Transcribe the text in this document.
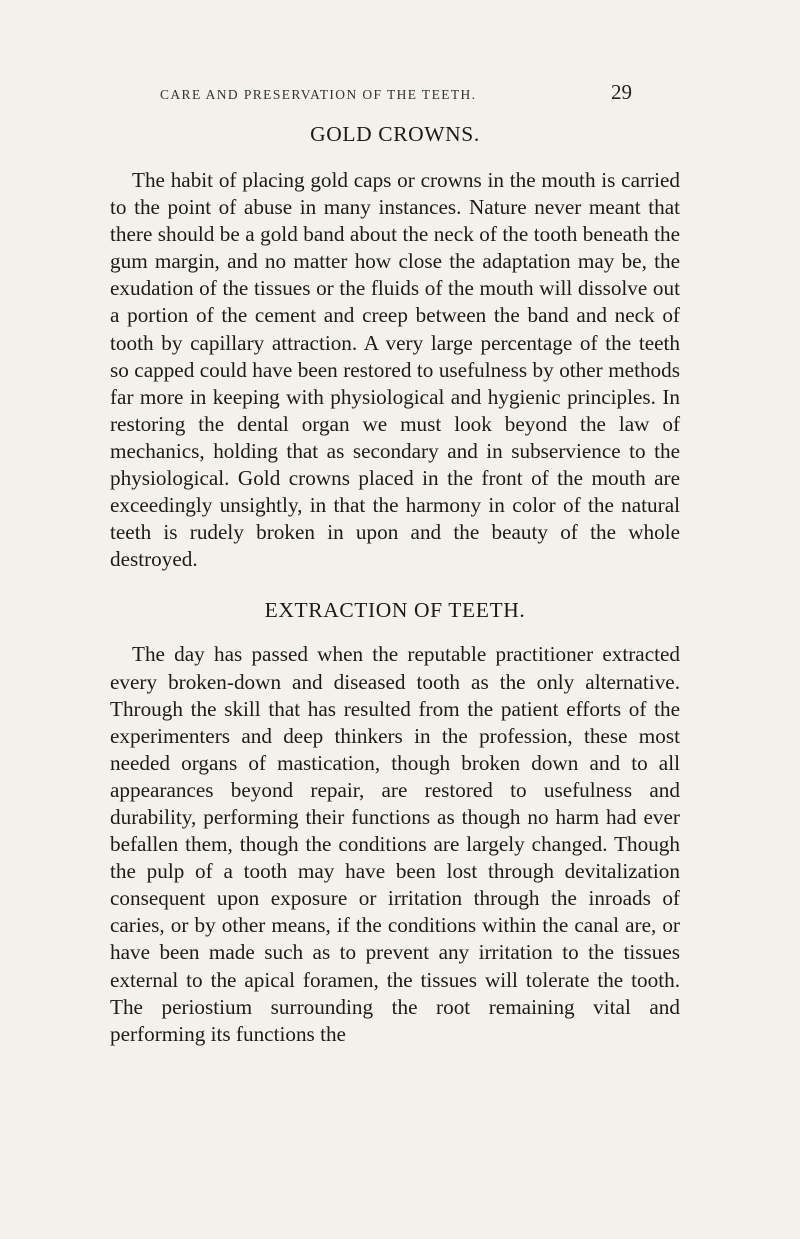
CARE AND PRESERVATION OF THE TEETH.	29
GOLD CROWNS.

The habit of placing gold caps or crowns in the mouth is carried to the point of abuse in many instances. Nature never meant that there should be a gold band about the neck of the tooth beneath the gum margin, and no matter how close the adaptation may be, the exudation of the tissues or the fluids of the mouth will dissolve out a portion of the cement and creep between the band and neck of tooth by capillary attraction. A very large percentage of the teeth so capped could have been restored to usefulness by other methods far more in keeping with physiological and hygienic principles. In restoring the dental organ we must look beyond the law of mechanics, holding that as secondary and in subservience to the physiological. Gold crowns placed in the front of the mouth are exceedingly unsightly, in that the harmony in color of the natural teeth is rudely broken in upon and the beauty of the whole destroyed.

EXTRACTION OF TEETH.

The day has passed when the reputable practitioner extracted every broken-down and diseased tooth as the only alternative. Through the skill that has resulted from the patient efforts of the experimenters and deep thinkers in the profession, these most needed organs of mastication, though broken down and to all appearances beyond repair, are restored to usefulness and durability, performing their functions as though no harm had ever befallen them, though the conditions are largely changed. Though the pulp of a tooth may have been lost through devitalization consequent upon exposure or irritation through the inroads of caries, or by other means, if the conditions within the canal are, or have been made such as to prevent any irritation to the tissues external to the apical foramen, the tissues will tolerate the tooth. The periostium surrounding the root remaining vital and performing its functions the
